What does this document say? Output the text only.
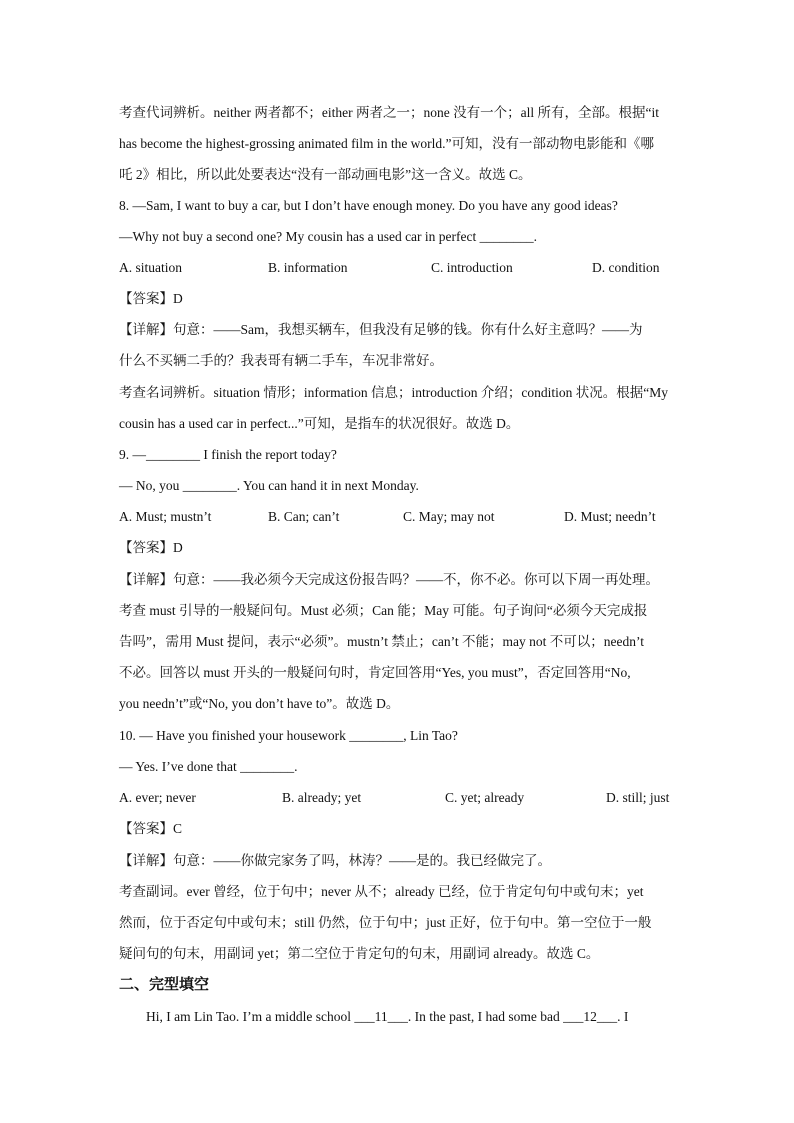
考查代词辨析。neither 两者都不；either 两者之一；none 没有一个；all 所有，全部。根据“it
has become the highest-grossing animated film in the world.”可知，没有一部动物电影能和《哪
吒 2》相比，所以此处要表达“没有一部动画电影”这一含义。故选 C。
8. —Sam, I want to buy a car, but I don’t have enough money. Do you have any good ideas?
—Why not buy a second one? My cousin has a used car in perfect ________.
A. situation	B. information	C. introduction	D. condition
【答案】D
【详解】句意：——Sam，我想买辆车，但我没有足够的钱。你有什么好主意吗？——为
什么不买辆二手的？我表哥有辆二手车，车况非常好。
考查名词辨析。situation 情形；information 信息；introduction 介绍；condition 状况。根据“My
cousin has a used car in perfect...”可知，是指车的状况很好。故选 D。
9. —________ I finish the report today?
— No, you ________. You can hand it in next Monday.
A. Must; mustn’t	B. Can; can’t	C. May; may not	D. Must; needn’t
【答案】D
【详解】句意：——我必须今天完成这份报告吗？——不，你不必。你可以下周一再处理。
考查 must 引导的一般疑问句。Must 必须；Can 能；May 可能。句子询问“必须今天完成报
告吗”，需用 Must 提问，表示“必须”。mustn’t 禁止；can’t 不能；may not 不可以；needn’t
不必。回答以 must 开头的一般疑问句时，肯定回答用“Yes, you must”，否定回答用“No,
you needn’t”或“No, you don’t have to”。故选 D。
10. — Have you finished your housework ________, Lin Tao?
— Yes. I’ve done that ________.
A. ever; never	B. already; yet	C. yet; already	D. still; just
【答案】C
【详解】句意：——你做完家务了吗，林涛？——是的。我已经做完了。
考查副词。ever 曾经，位于句中；never 从不；already 已经，位于肯定句句中或句末；yet
然而，位于否定句中或句末；still 仍然，位于句中；just 正好，位于句中。第一空位于一般
疑问句的句末，用副词 yet；第二空位于肯定句的句末，用副词 already。故选 C。
二、完型填空
Hi, I am Lin Tao. I’m a middle school ___11___. In the past, I had some bad ___12___. I
